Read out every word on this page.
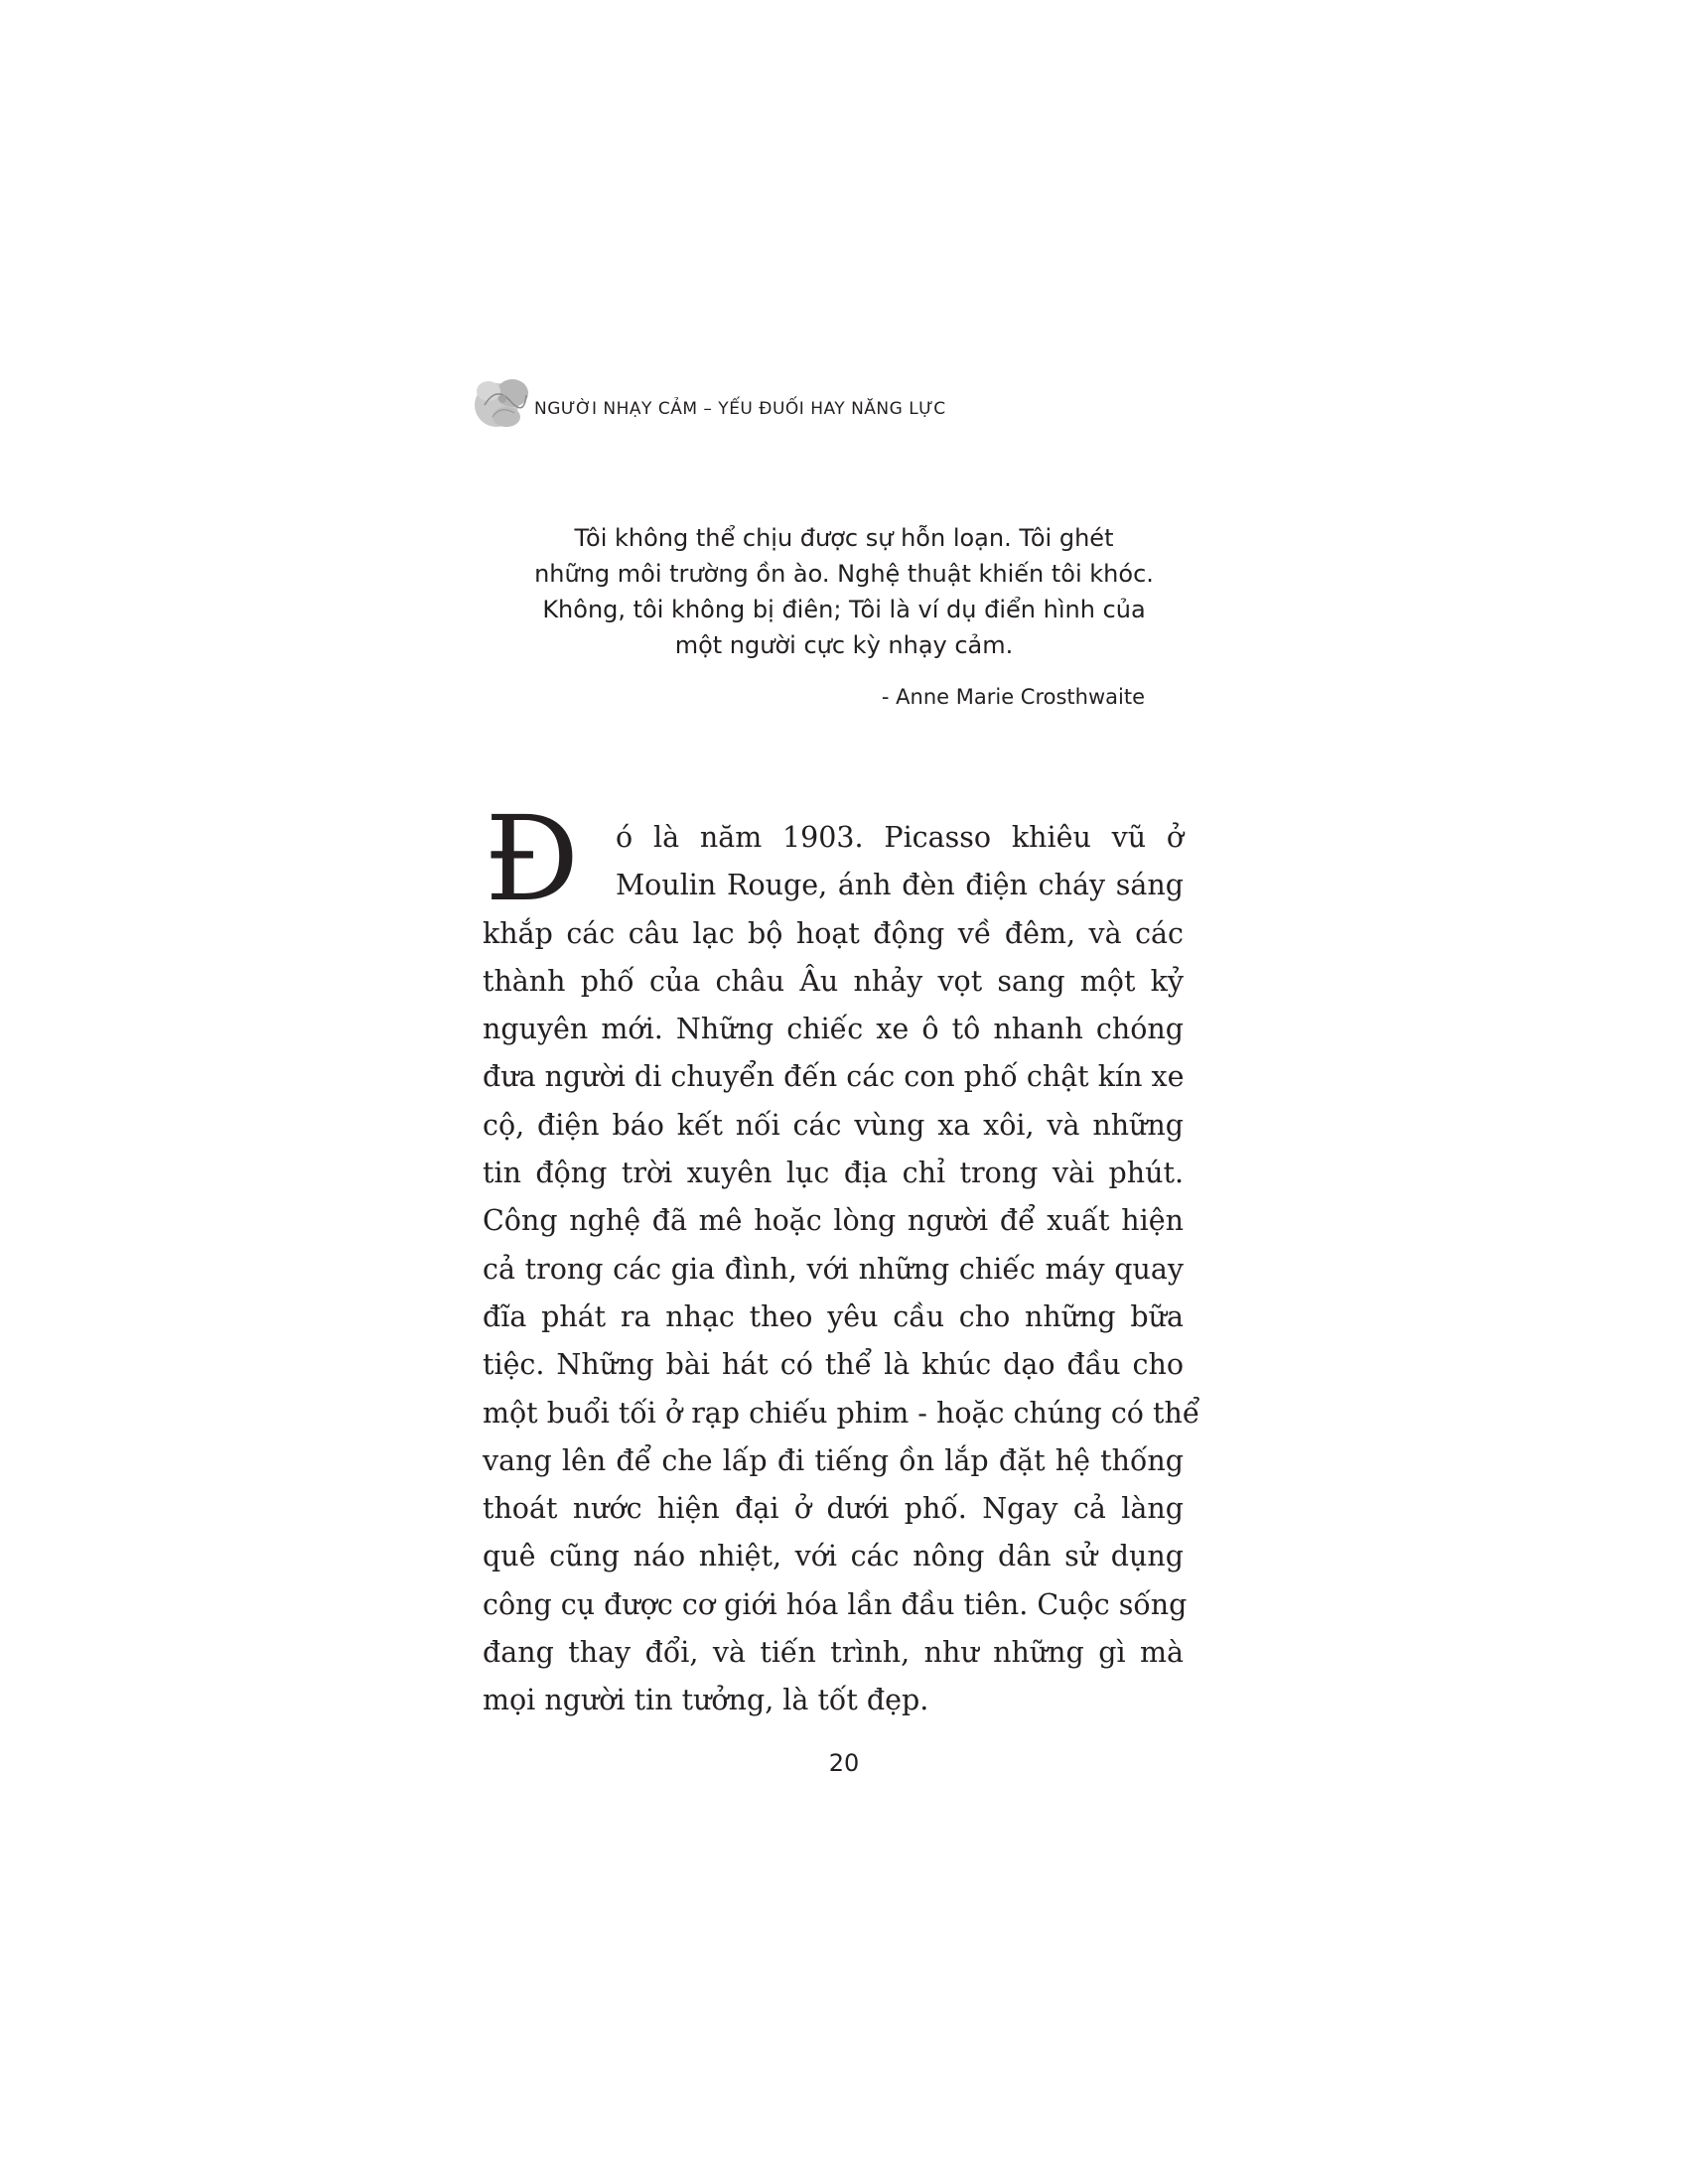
NGƯỜI NHẠY CẢM – YẾU ĐUỐI HAY NĂNG LỰC
Tôi không thể chịu được sự hỗn loạn. Tôi ghét
những môi trường ồn ào. Nghệ thuật khiến tôi khóc.
Không, tôi không bị điên; Tôi là ví dụ điển hình của
một người cực kỳ nhạy cảm.
- Anne Marie Crosthwaite
Đ	ó là năm 1903. Picasso khiêu vũ ở
Moulin Rouge, ánh đèn điện cháy sáng
khắp các câu lạc bộ hoạt động về đêm, và các
thành phố của châu Âu nhảy vọt sang một kỷ
nguyên mới. Những chiếc xe ô tô nhanh chóng
đưa người di chuyển đến các con phố chật kín xe
cộ, điện báo kết nối các vùng xa xôi, và những
tin động trời xuyên lục địa chỉ trong vài phút.
Công nghệ đã mê hoặc lòng người để xuất hiện
cả trong các gia đình, với những chiếc máy quay
đĩa phát ra nhạc theo yêu cầu cho những bữa
tiệc. Những bài hát có thể là khúc dạo đầu cho
một buổi tối ở rạp chiếu phim - hoặc chúng có thể
vang lên để che lấp đi tiếng ồn lắp đặt hệ thống
thoát nước hiện đại ở dưới phố. Ngay cả làng
quê cũng náo nhiệt, với các nông dân sử dụng
công cụ được cơ giới hóa lần đầu tiên. Cuộc sống
đang thay đổi, và tiến trình, như những gì mà
mọi người tin tưởng, là tốt đẹp.
20
